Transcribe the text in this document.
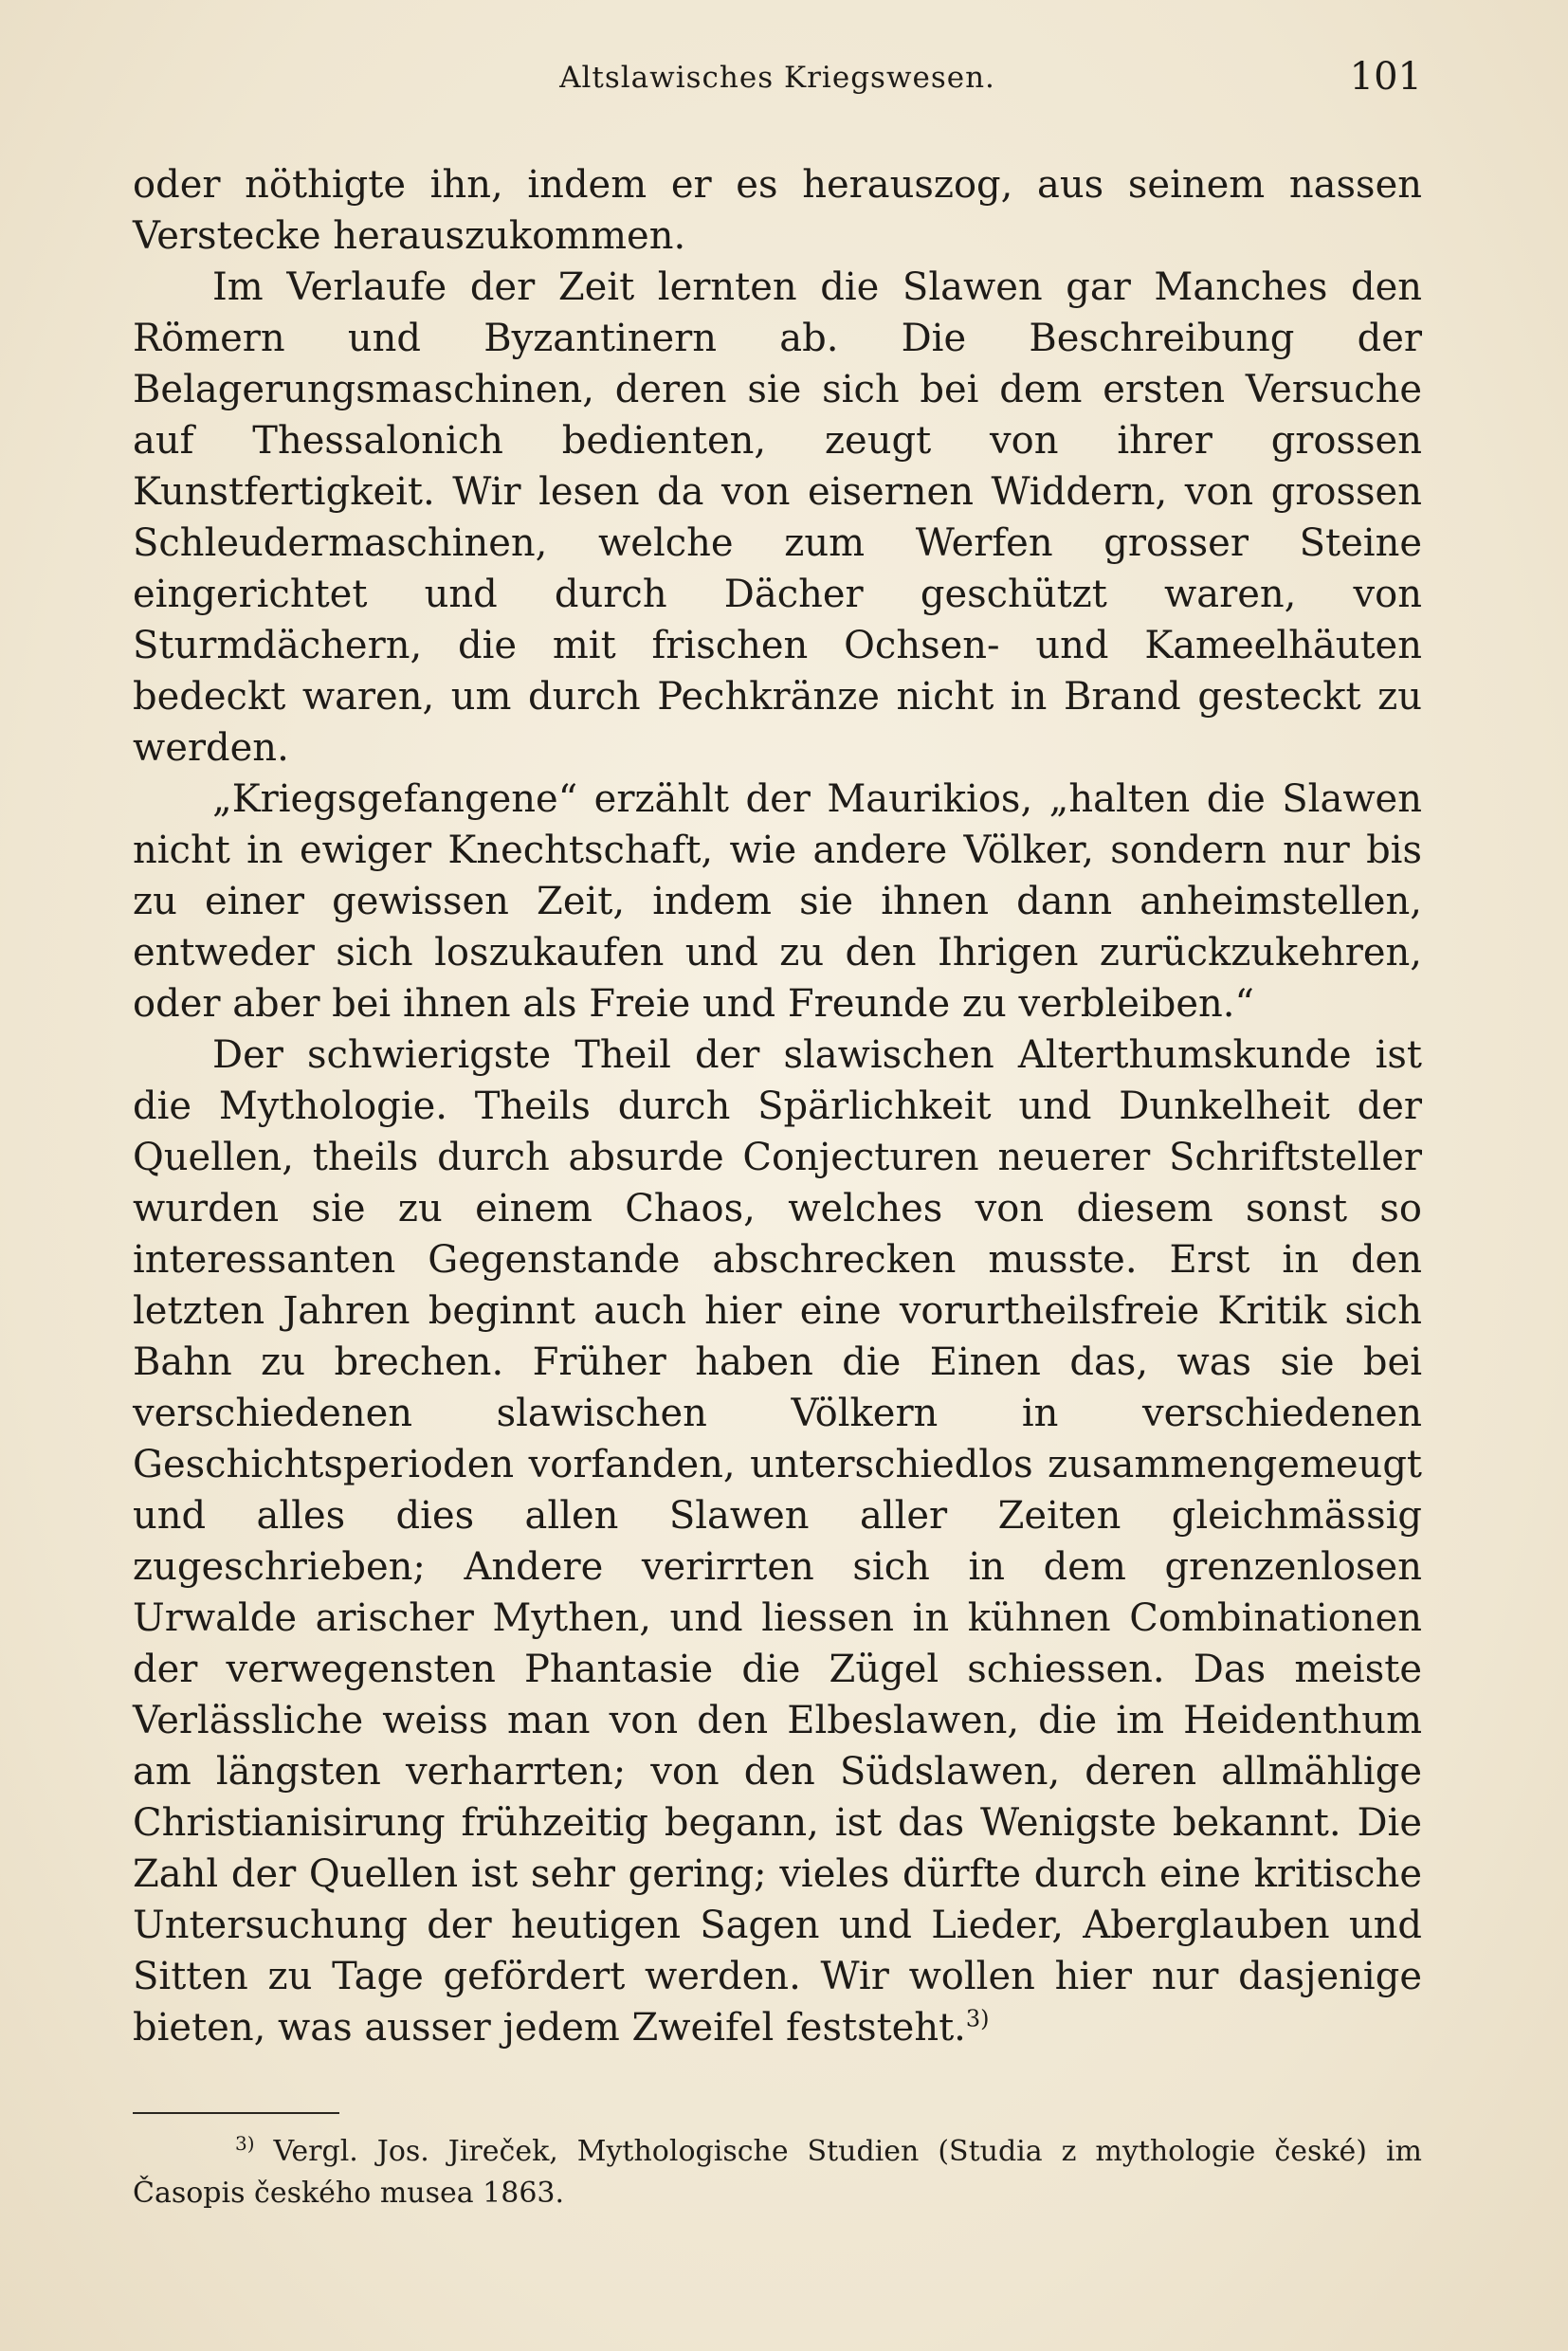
Altslawisches Kriegswesen.	101

oder nöthigte ihn, indem er es herauszog, aus seinem nassen Verstecke herauszukommen.

Im Verlaufe der Zeit lernten die Slawen gar Manches den Römern und Byzantinern ab. Die Beschreibung der Belagerungsmaschinen, deren sie sich bei dem ersten Versuche auf Thessalonich bedienten, zeugt von ihrer grossen Kunstfertigkeit. Wir lesen da von eisernen Widdern, von grossen Schleudermaschinen, welche zum Werfen grosser Steine eingerichtet und durch Dächer geschützt waren, von Sturmdächern, die mit frischen Ochsen- und Kameelhäuten bedeckt waren, um durch Pechkränze nicht in Brand gesteckt zu werden.

„Kriegsgefangene“ erzählt der Maurikios, „halten die Slawen nicht in ewiger Knechtschaft, wie andere Völker, sondern nur bis zu einer gewissen Zeit, indem sie ihnen dann anheimstellen, entweder sich loszukaufen und zu den Ihrigen zurückzukehren, oder aber bei ihnen als Freie und Freunde zu verbleiben.“

Der schwierigste Theil der slawischen Alterthumskunde ist die Mythologie. Theils durch Spärlichkeit und Dunkelheit der Quellen, theils durch absurde Conjecturen neuerer Schriftsteller wurden sie zu einem Chaos, welches von diesem sonst so interessanten Gegenstande abschrecken musste. Erst in den letzten Jahren beginnt auch hier eine vorurtheilsfreie Kritik sich Bahn zu brechen. Früher haben die Einen das, was sie bei verschiedenen slawischen Völkern in verschiedenen Geschichtsperioden vorfanden, unterschiedlos zusammengemeugt und alles dies allen Slawen aller Zeiten gleichmässig zugeschrieben; Andere verirrten sich in dem grenzenlosen Urwalde arischer Mythen, und liessen in kühnen Combinationen der verwegensten Phantasie die Zügel schiessen. Das meiste Verlässliche weiss man von den Elbeslawen, die im Heidenthum am längsten verharrten; von den Südslawen, deren allmählige Christianisirung frühzeitig begann, ist das Wenigste bekannt. Die Zahl der Quellen ist sehr gering; vieles dürfte durch eine kritische Untersuchung der heutigen Sagen und Lieder, Aberglauben und Sitten zu Tage gefördert werden. Wir wollen hier nur dasjenige bieten, was ausser jedem Zweifel feststeht.$^{3)}$

$^{3)}$ Vergl. Jos. Jireček, Mythologische Studien (Studia z mythologie české) im Časopis českého musea 1863.
